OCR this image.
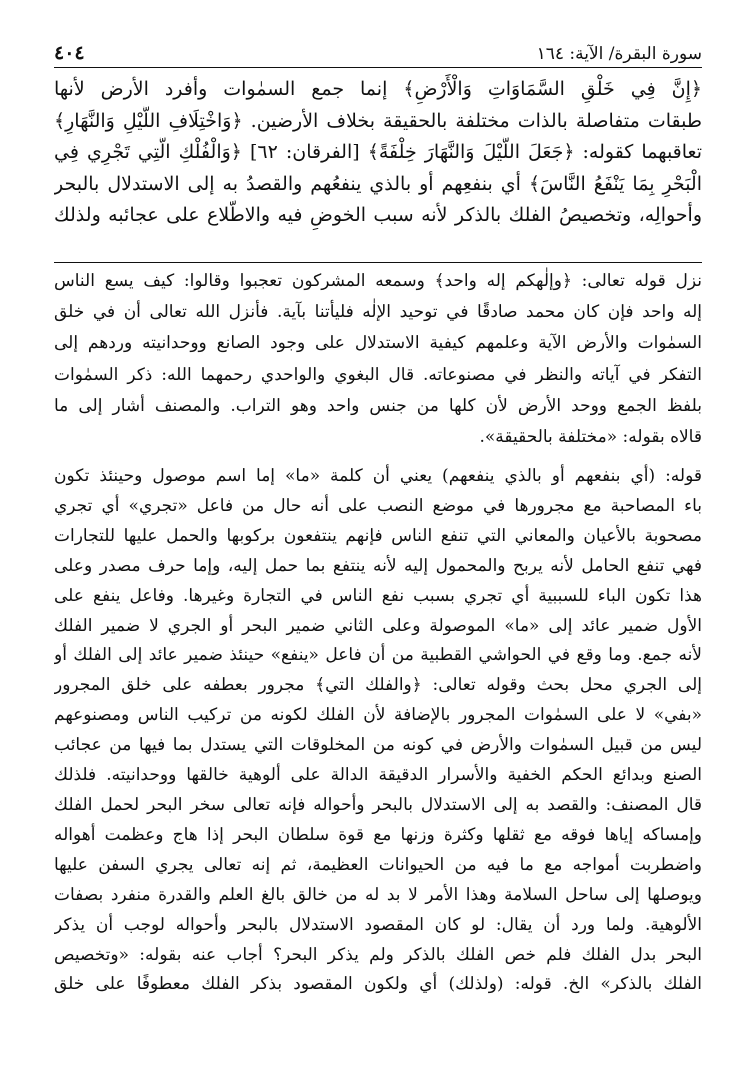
٤٠٤	سورة البقرة/ الآية: ١٦٤
﴿إِنَّ فِي خَلْقِ السَّمَاوَاتِ وَالْأَرْضِ﴾ إنما جمع السمٰوات وأفرد الأرض لأنها
طبقات متفاصلة بالذات مختلفة بالحقيقة بخلاف الأرضين. ﴿وَاخْتِلَافِ اللَّيْلِ وَالنَّهَارِ﴾
تعاقبهما كقوله: ﴿جَعَلَ اللَّيْلَ وَالنَّهَارَ خِلْفَةً﴾ [الفرقان: ٦٢] ﴿وَالْفُلْكِ الَّتِي تَجْرِي فِي
الْبَحْرِ بِمَا يَنْفَعُ النَّاسَ﴾ أي بنفعِهم أو بالذي ينفعُهم والقصدُ به إلى الاستدلال بالبحر
وأحوالِه، وتخصيصُ الفلك بالذكر لأنه سبب الخوضِ فيه والاطّلاع على عجائبه ولذلك
نزل قوله تعالى: ﴿وإلٰهكم إله واحد﴾ وسمعه المشركون تعجبوا وقالوا: كيف يسع الناس
إله واحد فإن كان محمد صادقًا في توحيد الإلٰه فليأتنا بآية. فأنزل الله تعالى أن في خلق
السمٰوات والأرض الآية وعلمهم كيفية الاستدلال على وجود الصانع ووحدانيته وردهم إلى
التفكر في آياته والنظر في مصنوعاته. قال البغوي والواحدي رحمهما الله: ذكر السمٰوات
بلفظ الجمع ووحد الأرض لأن كلها من جنس واحد وهو التراب. والمصنف أشار إلى ما
قالاه بقوله: «مختلفة بالحقيقة».
قوله: (أي بنفعهم أو بالذي ينفعهم) يعني أن كلمة «ما» إما اسم موصول وحينئذ تكون
باء المصاحبة مع مجرورها في موضع النصب على أنه حال من فاعل «تجري» أي تجري
مصحوبة بالأعيان والمعاني التي تنفع الناس فإنهم ينتفعون بركوبها والحمل عليها للتجارات
فهي تنفع الحامل لأنه يربح والمحمول إليه لأنه ينتفع بما حمل إليه، وإما حرف مصدر وعلى
هذا تكون الباء للسببية أي تجري بسبب نفع الناس في التجارة وغيرها. وفاعل ينفع على
الأول ضمير عائد إلى «ما» الموصولة وعلى الثاني ضمير البحر أو الجري لا ضمير الفلك
لأنه جمع. وما وقع في الحواشي القطبية من أن فاعل «ينفع» حينئذ ضمير عائد إلى الفلك أو
إلى الجري محل بحث وقوله تعالى: ﴿والفلك التي﴾ مجرور بعطفه على خلق المجرور
«بفي» لا على السمٰوات المجرور بالإضافة لأن الفلك لكونه من تركيب الناس ومصنوعهم
ليس من قبيل السمٰوات والأرض في كونه من المخلوقات التي يستدل بما فيها من عجائب
الصنع وبدائع الحكم الخفية والأسرار الدقيقة الدالة على ألوهية خالقها ووحدانيته. فلذلك
قال المصنف: والقصد به إلى الاستدلال بالبحر وأحواله فإنه تعالى سخر البحر لحمل الفلك
وإمساكه إياها فوقه مع ثقلها وكثرة وزنها مع قوة سلطان البحر إذا هاج وعظمت أهواله
واضطربت أمواجه مع ما فيه من الحيوانات العظيمة، ثم إنه تعالى يجري السفن عليها
ويوصلها إلى ساحل السلامة وهذا الأمر لا بد له من خالق بالغ العلم والقدرة منفرد بصفات
الألوهية. ولما ورد أن يقال: لو كان المقصود الاستدلال بالبحر وأحواله لوجب أن يذكر
البحر بدل الفلك فلم خص الفلك بالذكر ولم يذكر البحر؟ أجاب عنه بقوله: «وتخصيص
الفلك بالذكر» الخ. قوله: (ولذلك) أي ولكون المقصود بذكر الفلك معطوفًا على خلق
